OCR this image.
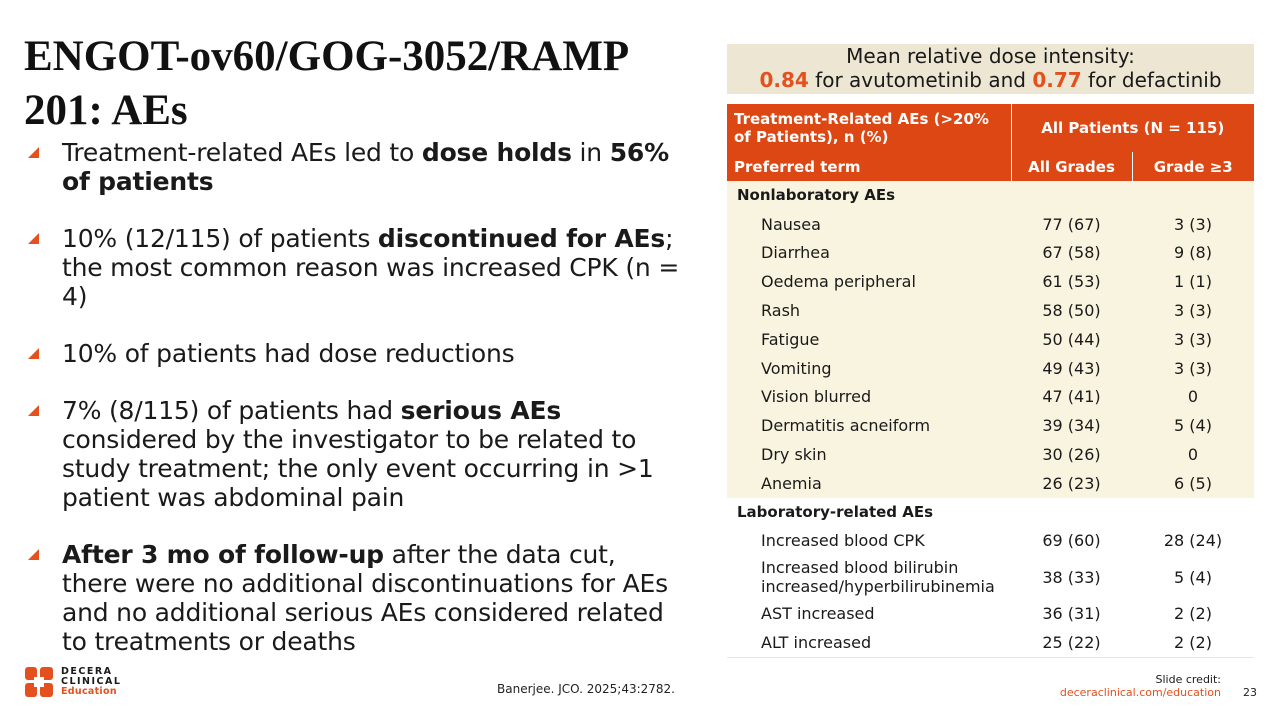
ENGOT-ov60/GOG-3052/RAMP 201: AEs
Treatment-related AEs led to dose holds in 56% of patients
10% (12/115) of patients discontinued for AEs; the most common reason was increased CPK (n = 4)
10% of patients had dose reductions
7% (8/115) of patients had serious AEs considered by the investigator to be related to study treatment; the only event occurring in >1 patient was abdominal pain
After 3 mo of follow-up after the data cut, there were no additional discontinuations for AEs and no additional serious AEs considered related to treatments or deaths
Mean relative dose intensity:
0.84 for avutometinib and 0.77 for defactinib
Treatment-Related AEs (>20% of Patients), n (%)	All Patients (N = 115)	
Preferred term	All Grades	Grade ≥3
Nonlaboratory AEs		
Nausea	77 (67)	3 (3)
Diarrhea	67 (58)	9 (8)
Oedema peripheral	61 (53)	1 (1)
Rash	58 (50)	3 (3)
Fatigue	50 (44)	3 (3)
Vomiting	49 (43)	3 (3)
Vision blurred	47 (41)	0
Dermatitis acneiform	39 (34)	5 (4)
Dry skin	30 (26)	0
Anemia	26 (23)	6 (5)
Laboratory-related AEs		
Increased blood CPK	69 (60)	28 (24)
Increased blood bilirubin increased/hyperbilirubinemia	38 (33)	5 (4)
AST increased	36 (31)	2 (2)
ALT increased	25 (22)	2 (2)
DECERA
CLINICAL
Education	Banerjee. JCO. 2025;43:2782.
Slide credit:
deceraclinical.com/education 23
